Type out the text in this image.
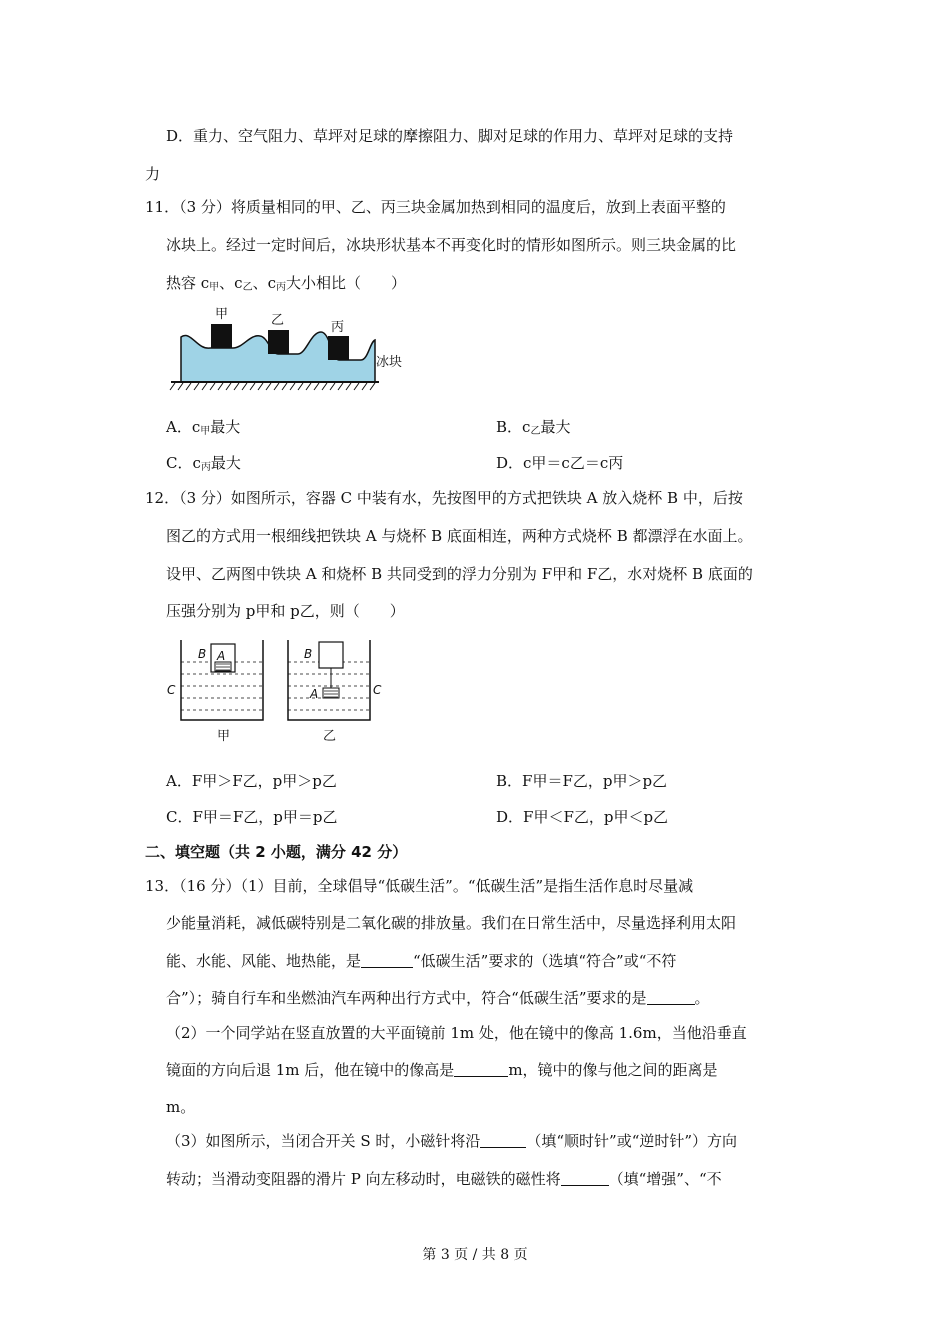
D．重力、空气阻力、草坪对足球的摩擦阻力、脚对足球的作用力、草坪对足球的支持
力
11．（3 分）将质量相同的甲、乙、丙三块金属加热到相同的温度后，放到上表面平整的
冰块上。经过一定时间后，冰块形状基本不再变化时的情形如图所示。则三块金属的比
热容 $c_甲$、$c_乙$、$c_丙$大小相比（　　）
甲	乙	丙
冰块
A．$c_甲$最大	B．$c_乙$最大
C．$c_丙$最大	D．c甲＝c乙＝c丙
12．（3 分）如图所示，容器 C 中装有水，先按图甲的方式把铁块 A 放入烧杯 B 中，后按
图乙的方式用一根细线把铁块 A 与烧杯 B 底面相连，两种方式烧杯 B 都漂浮在水面上。
设甲、乙两图中铁块 A 和烧杯 B 共同受到的浮力分别为 F甲和 F乙，水对烧杯 B 底面的
压强分别为 p甲和 p乙，则（　　）
B A
C
甲
B
A	C
乙
A．F甲＞F乙，p甲＞p乙	B．F甲＝F乙，p甲＞p乙
C．F甲＝F乙，p甲＝p乙	D．F甲＜F乙，p甲＜p乙
二、填空题（共 2 小题，满分 42 分）
13．（16 分）（1）目前，全球倡导“低碳生活”。“低碳生活”是指生活作息时尽量减
少能量消耗，减低碳特别是二氧化碳的排放量。我们在日常生活中，尽量选择利用太阳
能、水能、风能、地热能，是	“低碳生活”要求的（选填“符合”或“不符
合”）；骑自行车和坐燃油汽车两种出行方式中，符合“低碳生活”要求的是	。
（2）一个同学站在竖直放置的大平面镜前 1m 处，他在镜中的像高 1.6m，当他沿垂直
镜面的方向后退 1m 后，他在镜中的像高是	m，镜中的像与他之间的距离是
m。
（3）如图所示，当闭合开关 S 时，小磁针将沿	（填“顺时针”或“逆时针”）方向
转动；当滑动变阻器的滑片 P 向左移动时，电磁铁的磁性将	（填“增强”、“不
第 3 页 / 共 8 页
